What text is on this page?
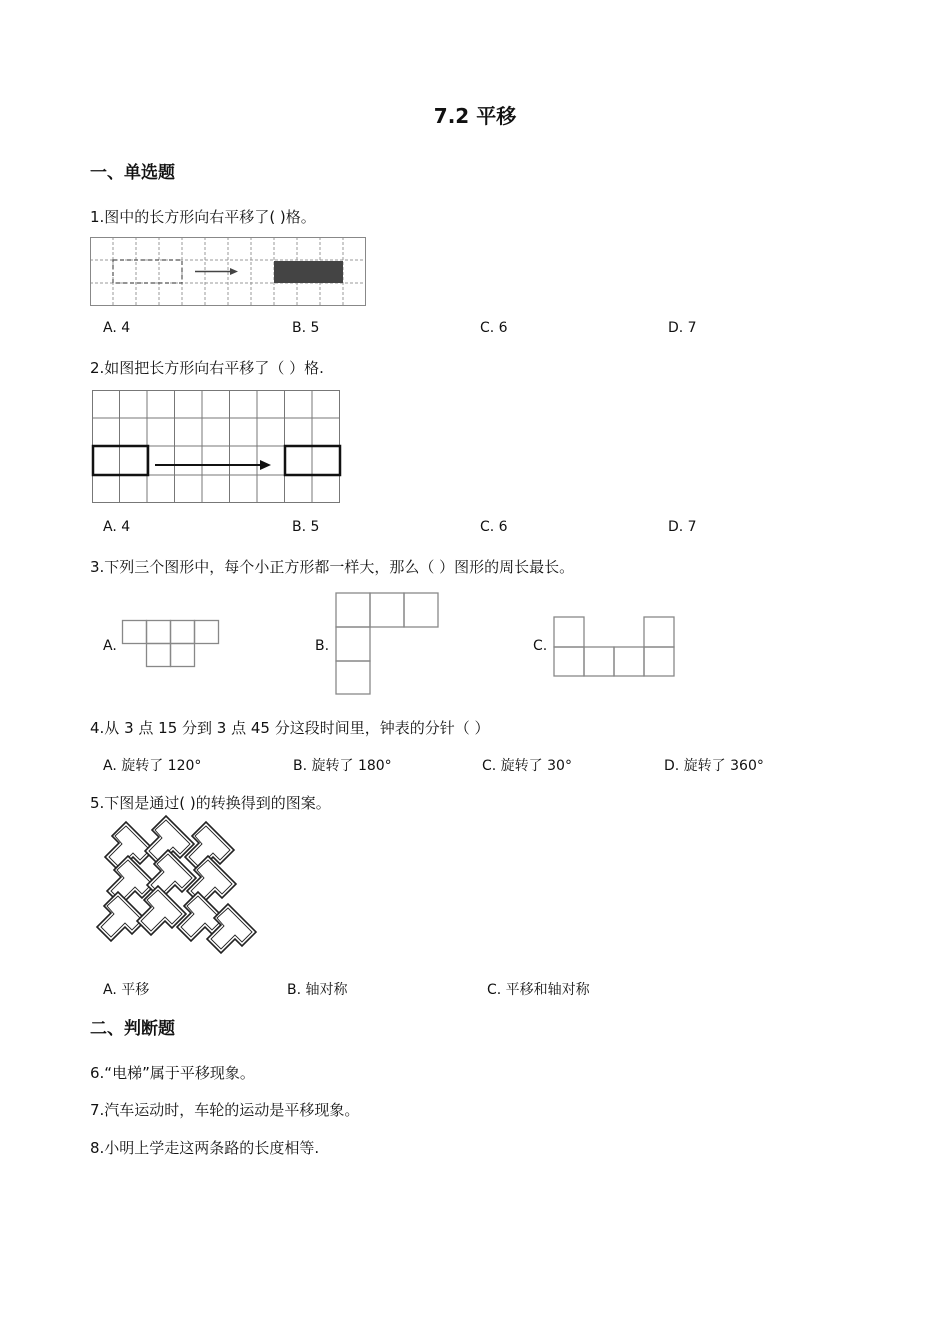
7.2 平移
一、单选题
1.图中的长方形向右平移了( )格。
A. 4	B. 5	C. 6	D. 7
2.如图把长方形向右平移了（ ）格.
A. 4	B. 5	C. 6	D. 7
3.下列三个图形中，每个小正方形都一样大，那么（ ）图形的周长最长。
A.	B.	C.
4.从 3 点 15 分到 3 点 45 分这段时间里，钟表的分针（ ）
A. 旋转了 120°	B. 旋转了 180°	C. 旋转了 30°	D. 旋转了 360°
5.下图是通过( )的转换得到的图案。
A. 平移	B. 轴对称	C. 平移和轴对称
二、判断题
6.“电梯”属于平移现象。
7.汽车运动时，车轮的运动是平移现象。
8.小明上学走这两条路的长度相等.
